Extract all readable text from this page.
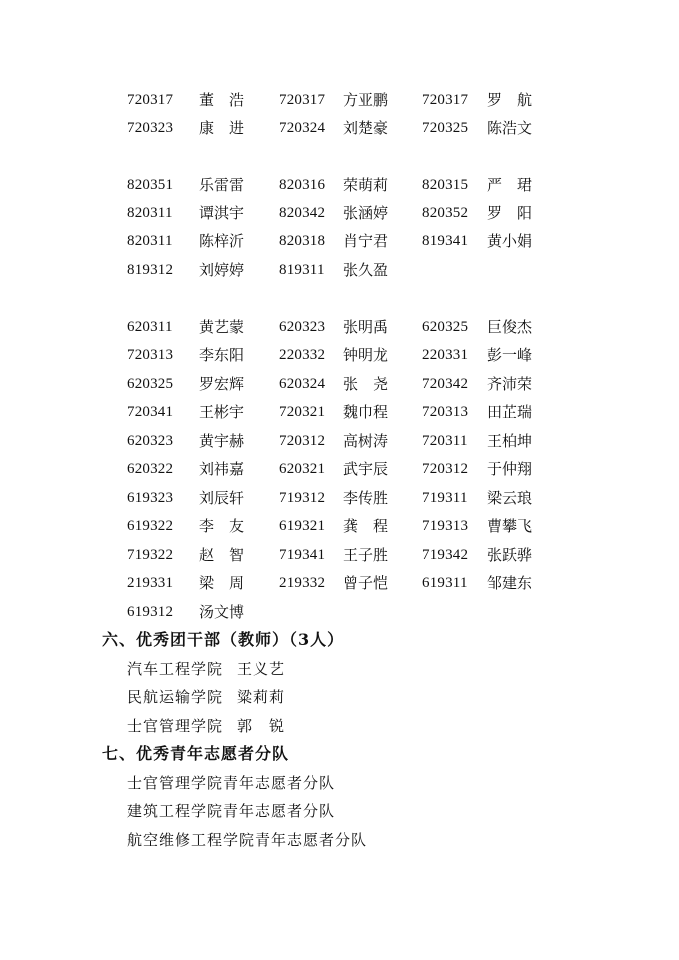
720317 董　浩 720317 方亚鹏 720317 罗　航
720323 康　进 720324 刘楚豪 720325 陈浩文
820351 乐雷雷 820316 荣萌莉 820315 严　珺
820311 谭淇宇 820342 张涵婷 820352 罗　阳
820311 陈梓沂 820318 肖宁君 819341 黄小娟
819312 刘婷婷 819311 张久盈
620311 黄艺蒙 620323 张明禹 620325 巨俊杰
720313 李东阳 220332 钟明龙 220331 彭一峰
620325 罗宏辉 620324 张　尧 720342 齐沛荣
720341 王彬宇 720321 魏巾程 720313 田芷瑞
620323 黄宇赫 720312 高树涛 720311 王柏坤
620322 刘祎嘉 620321 武宇辰 720312 于仲翔
619323 刘辰轩 719312 李传胜 719311 梁云琅
619322 李　友 619321 龚　程 719313 曹攀飞
719322 赵　智 719341 王子胜 719342 张跃骅
219331 梁　周 219332 曾子恺 619311 邹建东
619312 汤文博
六、优秀团干部（教师）（3人）
汽车工程学院 王义艺
民航运输学院 粱莉莉
士官管理学院 郭　锐
七、优秀青年志愿者分队
士官管理学院青年志愿者分队
建筑工程学院青年志愿者分队
航空维修工程学院青年志愿者分队
